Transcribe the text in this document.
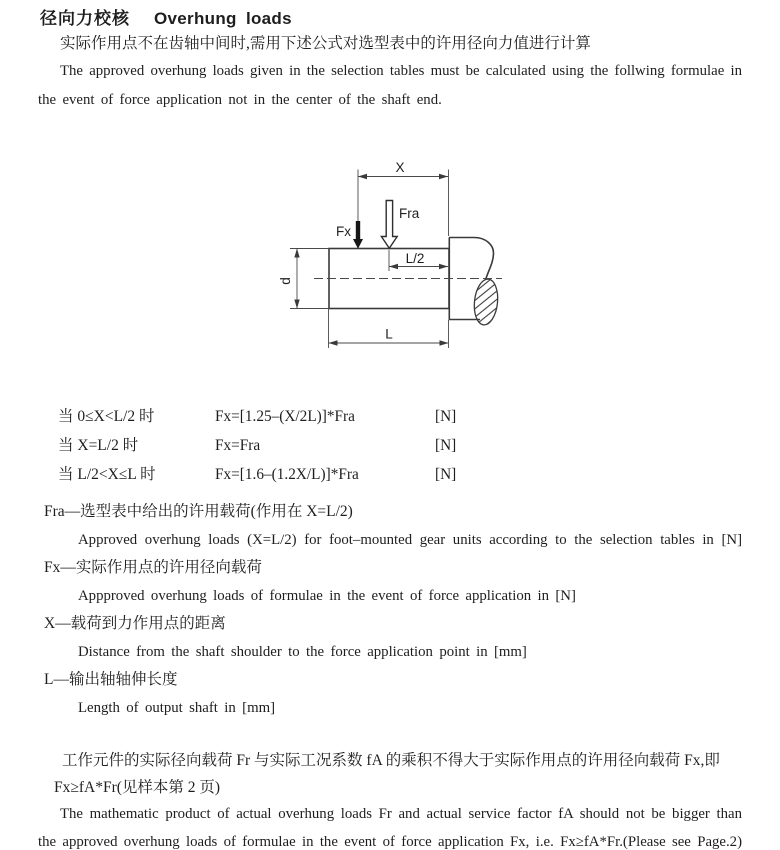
径向力校核 Overhung loads
实际作用点不在齿轴中间时,需用下述公式对选型表中的许用径向力值进行计算
The approved overhung loads given in the selection tables must be calculated using the follwing formulae in
the event of force application not in the center of the shaft end.
X
Fx
Fra
L/2
d
L
当 0≤X<L/2 时	Fx=[1.25–(X/2L)]*Fra	[N]
当 X=L/2 时	Fx=Fra	[N]
当 L/2<X≤L 时	Fx=[1.6–(1.2X/L)]*Fra	[N]
Fra—选型表中给出的许用载荷(作用在 X=L/2)
Approved overhung loads (X=L/2) for foot–mounted gear units according to the selection tables in [N]
Fx—实际作用点的许用径向载荷
Appproved overhung loads of formulae in the event of force application in [N]
X—载荷到力作用点的距离
Distance from the shaft shoulder to the force application point in [mm]
L—输出轴轴伸长度
Length of output shaft in [mm]
工作元件的实际径向载荷 Fr 与实际工况系数 fA 的乘积不得大于实际作用点的许用径向载荷 Fx,即
Fx≥fA*Fr(见样本第 2 页)
The mathematic product of actual overhung loads Fr and actual service factor fA should not be bigger than
the approved overhung loads of formulae in the event of force application Fx, i.e. Fx≥fA*Fr.(Please see Page.2)
